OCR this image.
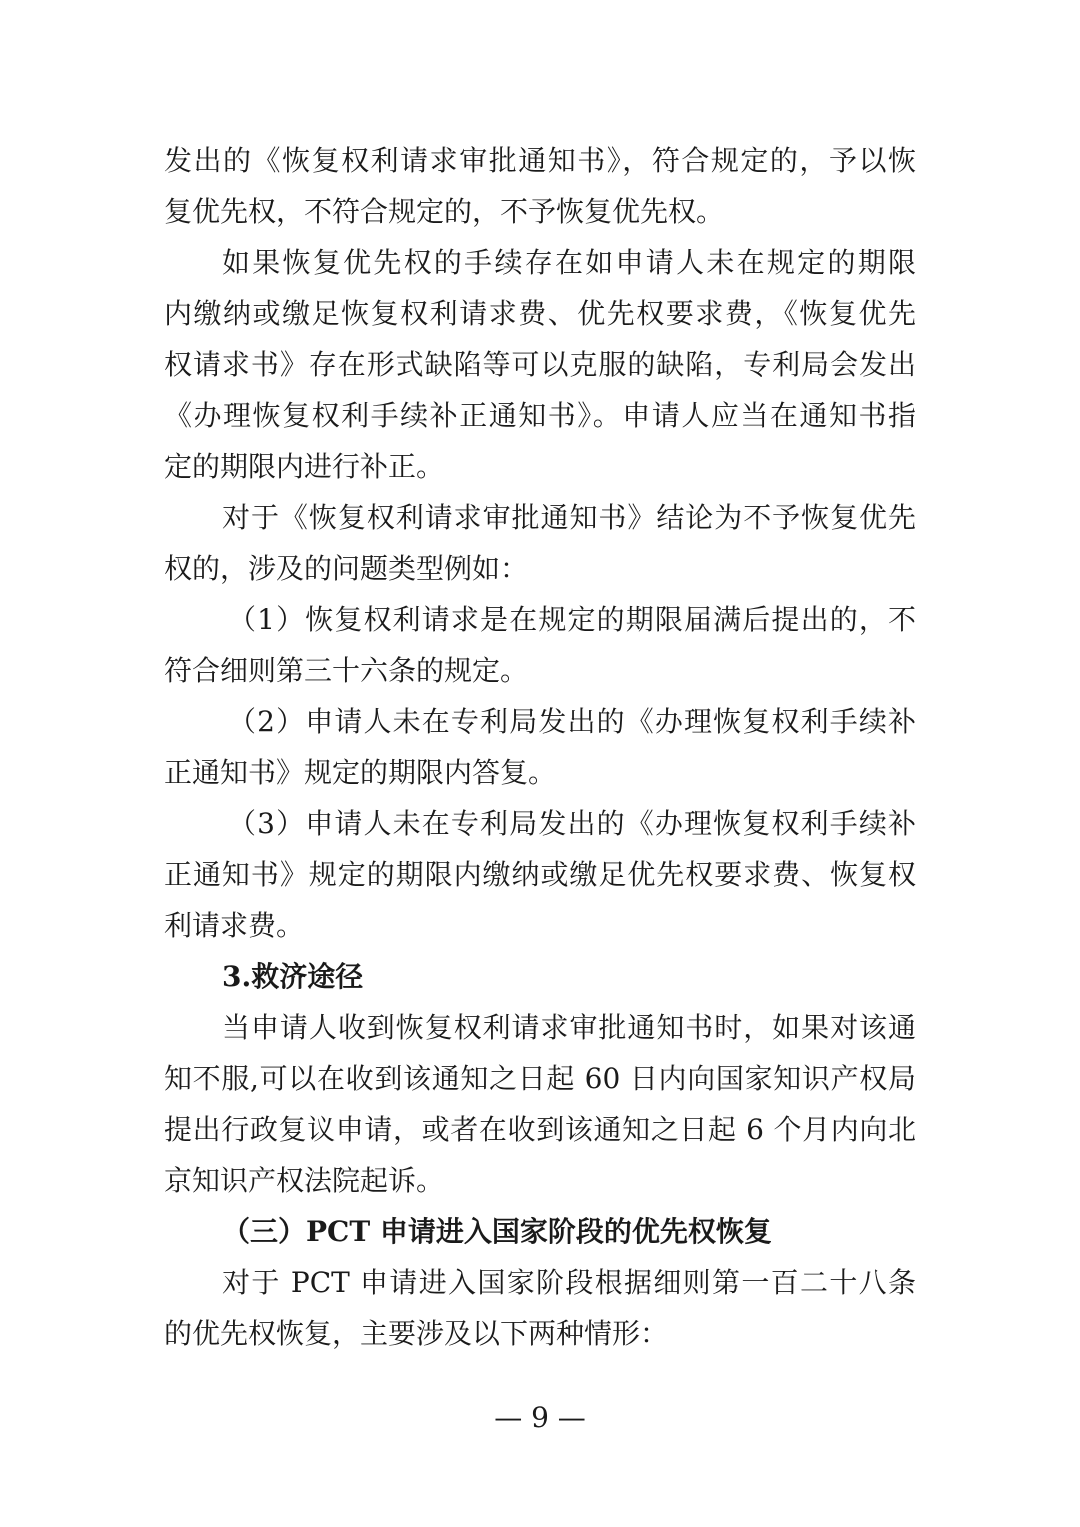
发出的《恢复权利请求审批通知书》，符合规定的，予以恢
复优先权，不符合规定的，不予恢复优先权。
如果恢复优先权的手续存在如申请人未在规定的期限
内缴纳或缴足恢复权利请求费、优先权要求费，《恢复优先
权请求书》存在形式缺陷等可以克服的缺陷，专利局会发出
《办理恢复权利手续补正通知书》。申请人应当在通知书指
定的期限内进行补正。
对于《恢复权利请求审批通知书》结论为不予恢复优先
权的，涉及的问题类型例如：
（1）恢复权利请求是在规定的期限届满后提出的，不
符合细则第三十六条的规定。
（2）申请人未在专利局发出的《办理恢复权利手续补
正通知书》规定的期限内答复。
（3）申请人未在专利局发出的《办理恢复权利手续补
正通知书》规定的期限内缴纳或缴足优先权要求费、恢复权
利请求费。
3.救济途径
当申请人收到恢复权利请求审批通知书时，如果对该通
知不服,可以在收到该通知之日起 60 日内向国家知识产权局
提出行政复议申请，或者在收到该通知之日起 6 个月内向北
京知识产权法院起诉。
（三）PCT 申请进入国家阶段的优先权恢复
对于 PCT 申请进入国家阶段根据细则第一百二十八条
的优先权恢复，主要涉及以下两种情形：
— 9 —
